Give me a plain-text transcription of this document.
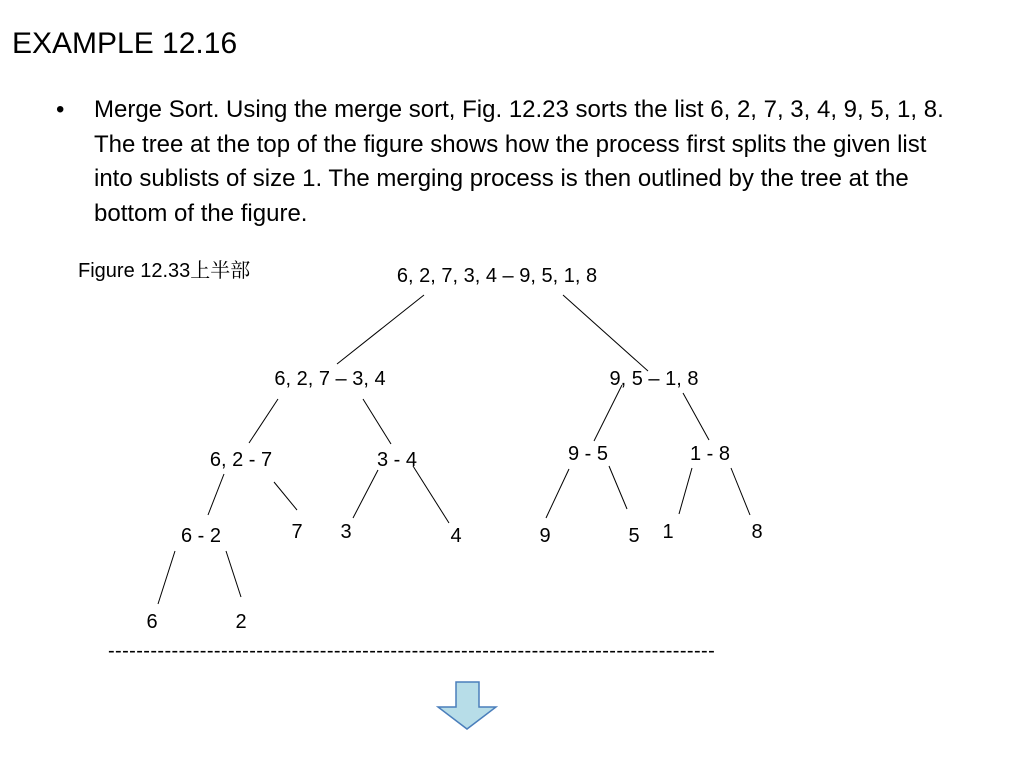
EXAMPLE 12.16
• Merge Sort. Using the merge sort, Fig. 12.23 sorts the list 6, 2, 7, 3, 4, 9, 5, 1, 8. The tree at the top of the figure shows how the process first splits the given list into sublists of size 1. The merging process is then outlined by the tree at the bottom of the figure.
Figure 12.33上半部	6, 2, 7, 3, 4 – 9, 5, 1, 8
6, 2, 7 – 3, 4	9, 5 – 1, 8
6, 2 - 7	3 - 4	9 - 5	1 - 8
6 - 2	7 3	4	9	5 1	8
6	2
--------------------------------------------------------------------------------------
